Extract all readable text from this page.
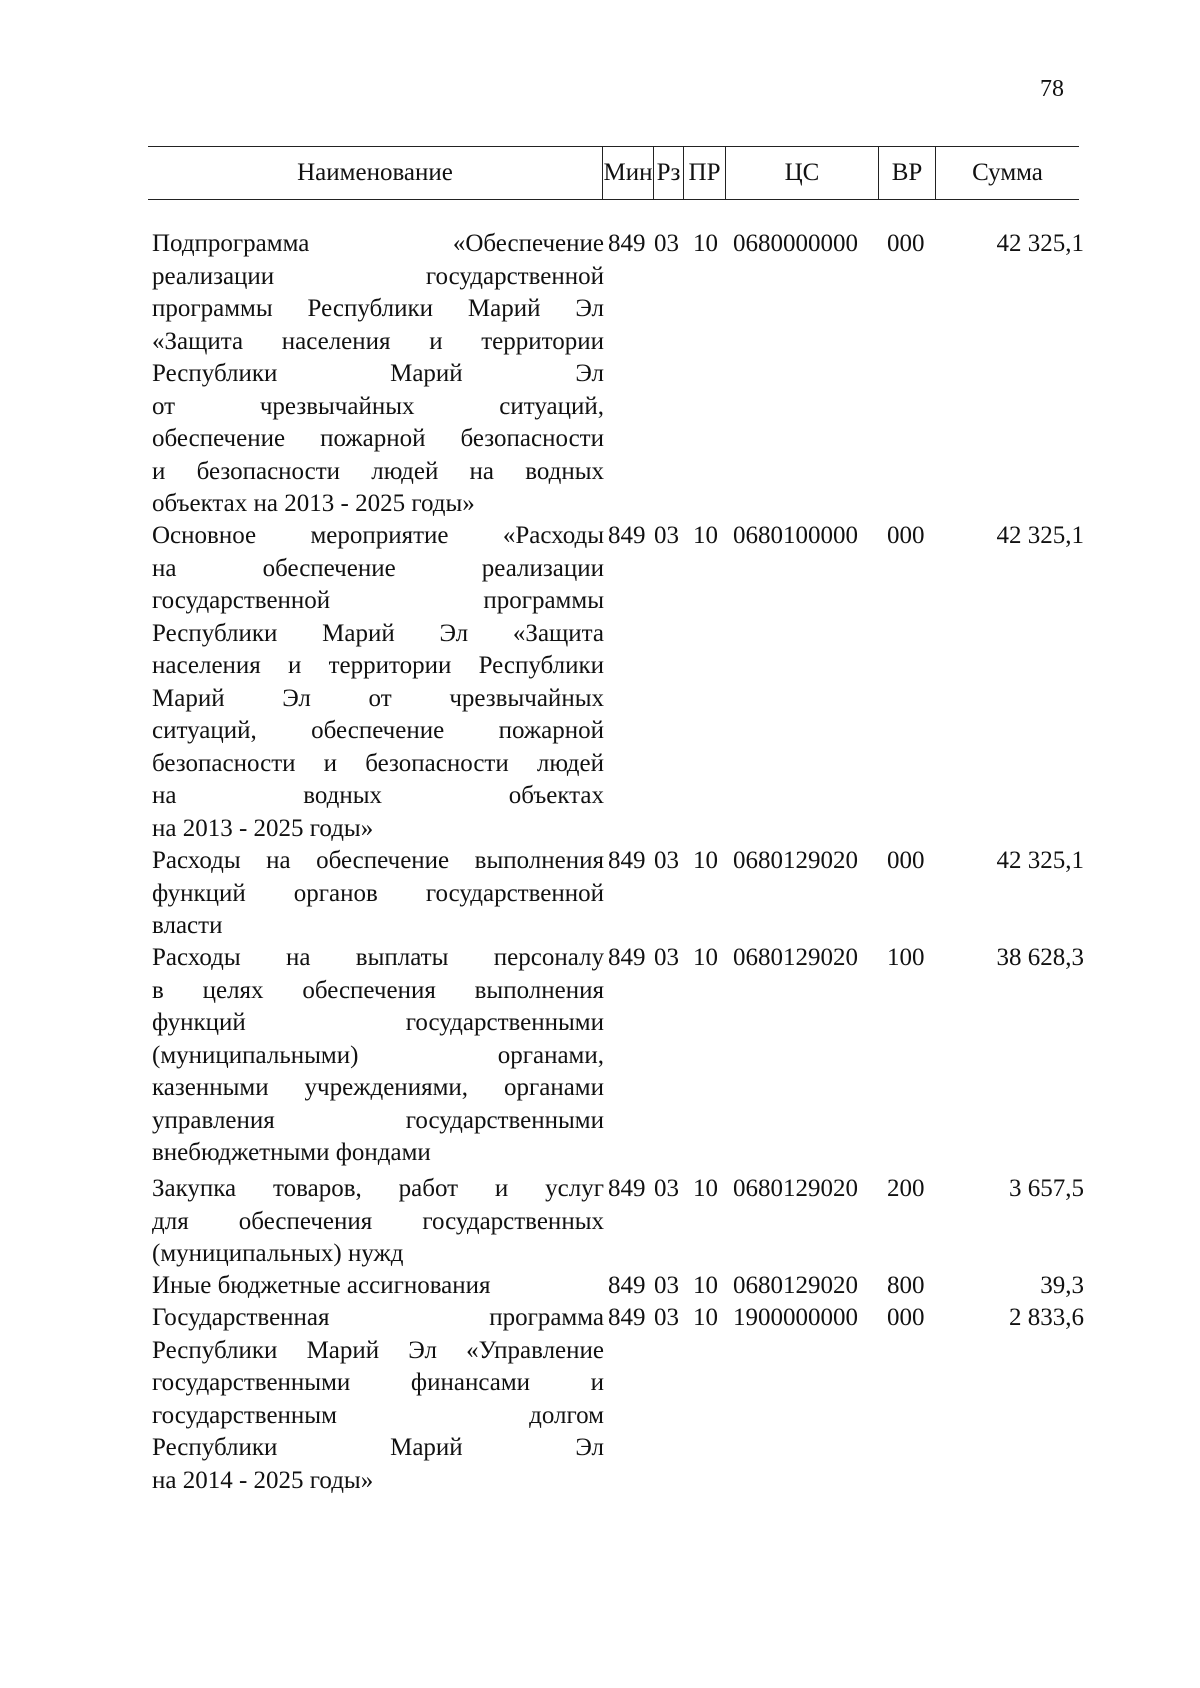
78
Наименование	Мин Рз ПР	ЦС	ВР	Сумма
Подпрограмма «Обеспечение
реализации государственной
программы Республики Марий Эл
«Защита населения и территории
Республики Марий Эл
от чрезвычайных ситуаций,
обеспечение пожарной безопасности
и безопасности людей на водных
объектах на 2013 - 2025 годы»
849 03 10 0680000000 000	42 325,1
Основное мероприятие «Расходы
на обеспечение реализации
государственной программы
Республики Марий Эл «Защита
населения и территории Республики
Марий Эл от чрезвычайных
ситуаций, обеспечение пожарной
безопасности и безопасности людей
на водных объектах
на 2013 - 2025 годы»
849 03 10 0680100000 000	42 325,1
Расходы на обеспечение выполнения
функций органов государственной
власти
849 03 10 0680129020 000	42 325,1
Расходы на выплаты персоналу
в целях обеспечения выполнения
функций государственными
(муниципальными) органами,
казенными учреждениями, органами
управления государственными
внебюджетными фондами
849 03 10 0680129020 100	38 628,3
Закупка товаров, работ и услуг
для обеспечения государственных
(муниципальных) нужд
849 03 10 0680129020 200	3 657,5
Иные бюджетные ассигнования	849 03 10 0680129020 800	39,3
Государственная программа
Республики Марий Эл «Управление
государственными финансами и
государственным долгом
Республики Марий Эл
на 2014 - 2025 годы»
849 03 10 1900000000 000	2 833,6
